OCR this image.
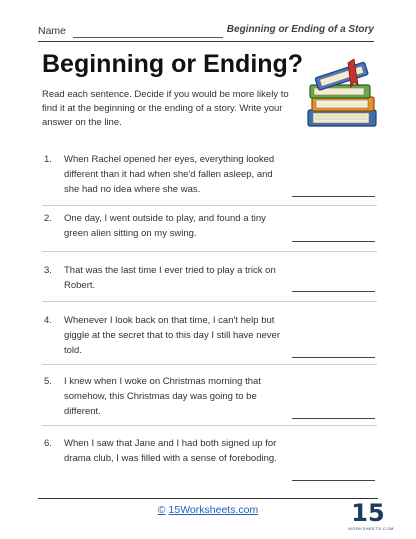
Name	Beginning or Ending of a Story
Beginning or Ending?
Read each sentence. Decide if you would be more likely to find it at the beginning or the ending of a story. Write your answer on the line.
1. When Rachel opened her eyes, everything looked different than it had when she'd fallen asleep, and she had no idea where she was.
2. One day, I went outside to play, and found a tiny green alien sitting on my swing.
3. That was the last time I ever tried to play a trick on Robert.
4. Whenever I look back on that time, I can't help but giggle at the secret that to this day I still have never told.
5. I knew when I woke on Christmas morning that somehow, this Christmas day was going to be different.
6. When I saw that Jane and I had both signed up for drama club, I was filled with a sense of foreboding.
© 15Worksheets.com	15
WORKSHEETS.COM
